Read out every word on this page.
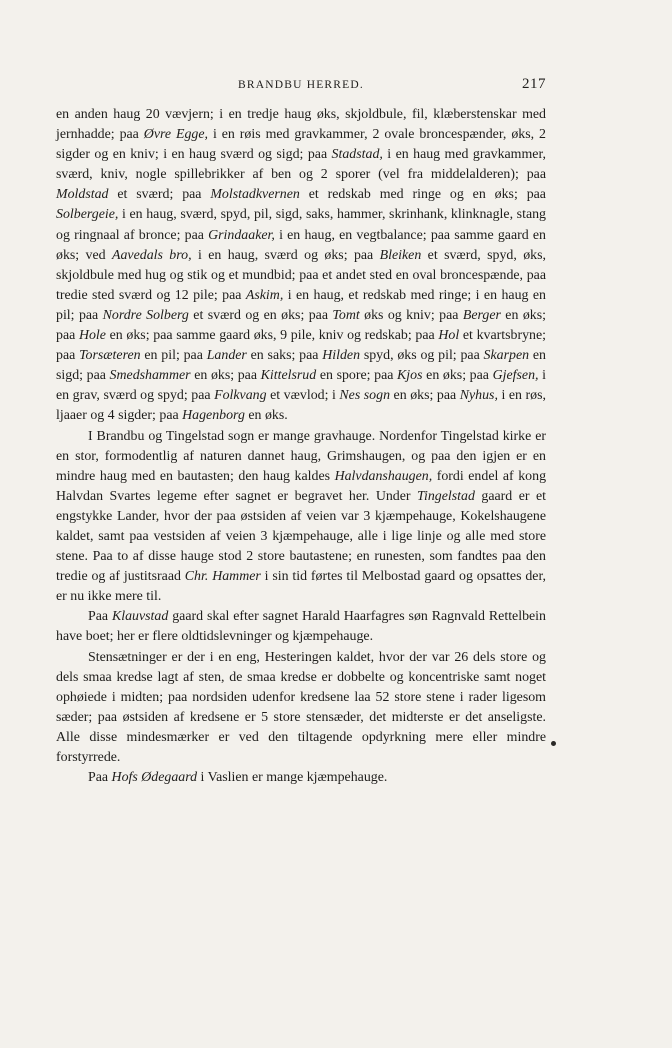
BRANDBU HERRED.	217

en anden haug 20 vævjern; i en tredje haug øks, skjoldbule, fil, klæberstenskar med jernhadde; paa Øvre Egge, i en røis med gravkammer, 2 ovale broncespænder, øks, 2 sigder og en kniv; i en haug sværd og sigd; paa Stadstad, i en haug med gravkammer, sværd, kniv, nogle spillebrikker af ben og 2 sporer (vel fra middelalderen); paa Moldstad et sværd; paa Molstadkvernen et redskab med ringe og en øks; paa Solbergeie, i en haug, sværd, spyd, pil, sigd, saks, hammer, skrinhank, klinknagle, stang og ringnaal af bronce; paa Grindaaker, i en haug, en vegtbalance; paa samme gaard en øks; ved Aavedals bro, i en haug, sværd og øks; paa Bleiken et sværd, spyd, øks, skjoldbule med hug og stik og et mundbid; paa et andet sted en oval broncespænde, paa tredie sted sværd og 12 pile; paa Askim, i en haug, et redskab med ringe; i en haug en pil; paa Nordre Solberg et sværd og en øks; paa Tomt øks og kniv; paa Berger en øks; paa Hole en øks; paa samme gaard øks, 9 pile, kniv og redskab; paa Hol et kvartsbryne; paa Torsæteren en pil; paa Lander en saks; paa Hilden spyd, øks og pil; paa Skarpen en sigd; paa Smedshammer en øks; paa Kittelsrud en spore; paa Kjos en øks; paa Gjefsen, i en grav, sværd og spyd; paa Folkvang et vævlod; i Nes sogn en øks; paa Nyhus, i en røs, ljaaer og 4 sigder; paa Hagenborg en øks.

I Brandbu og Tingelstad sogn er mange gravhauge. Nordenfor Tingelstad kirke er en stor, formodentlig af naturen dannet haug, Grimshaugen, og paa den igjen er en mindre haug med en bautasten; den haug kaldes Halvdanshaugen, fordi endel af kong Halvdan Svartes legeme efter sagnet er begravet her. Under Tingelstad gaard er et engstykke Lander, hvor der paa østsiden af veien var 3 kjæmpehauge, Kokelshaugene kaldet, samt paa vestsiden af veien 3 kjæmpehauge, alle i lige linje og alle med store stene. Paa to af disse hauge stod 2 store bautastene; en runesten, som fandtes paa den tredie og af justitsraad Chr. Hammer i sin tid førtes til Melbostad gaard og opsattes der, er nu ikke mere til.

Paa Klauvstad gaard skal efter sagnet Harald Haarfagres søn Ragnvald Rettelbein have boet; her er flere oldtidslevninger og kjæmpehauge.

Stensætninger er der i en eng, Hesteringen kaldet, hvor der var 26 dels store og dels smaa kredse lagt af sten, de smaa kredse er dobbelte og koncentriske samt noget ophøiede i midten; paa nordsiden udenfor kredsene laa 52 store stene i rader ligesom sæder; paa østsiden af kredsene er 5 store stensæder, det midterste er det anseligste. Alle disse mindesmærker er ved den tiltagende opdyrkning mere eller mindre forstyrrede.

Paa Hofs Ødegaard i Vaslien er mange kjæmpehauge.
